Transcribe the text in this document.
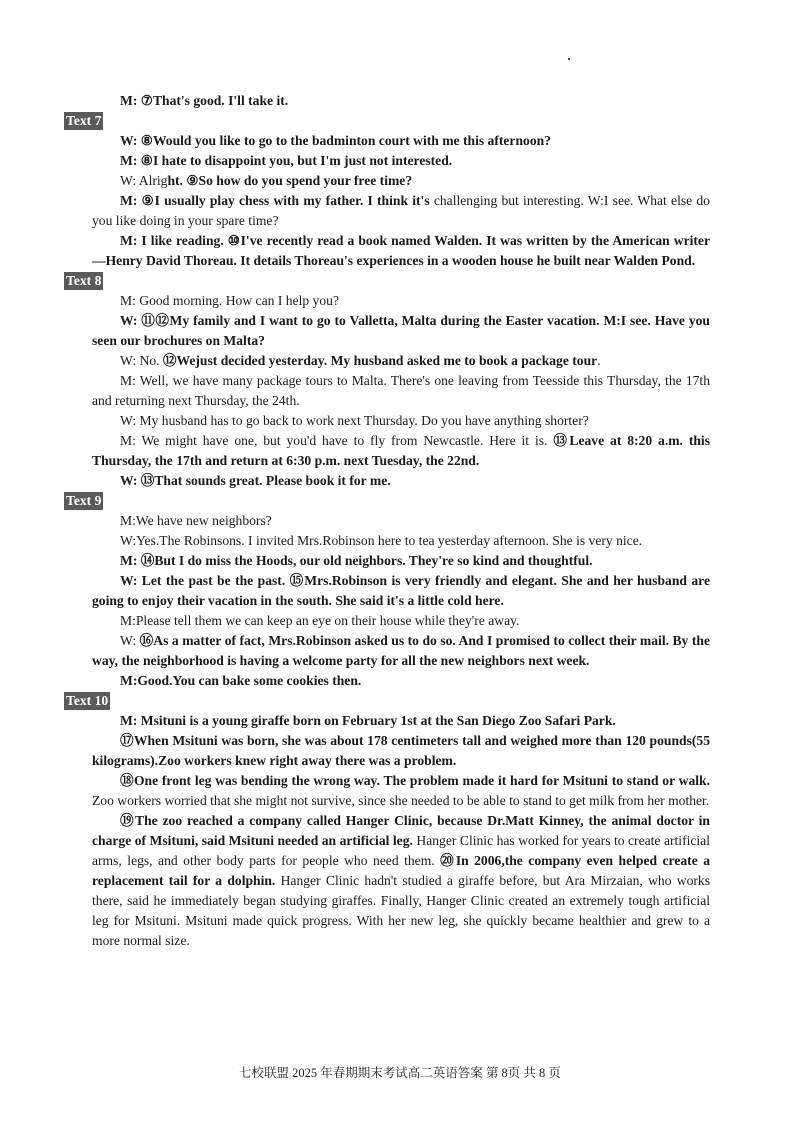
M: ⑦That's good. I'll take it.

Text 7

W: ⑧Would you like to go to the badminton court with me this afternoon?

M: ⑧I hate to disappoint you, but I'm just not interested.

W: Alright. ⑨So how do you spend your free time?

M: ⑨I usually play chess with my father. I think it's challenging but interesting. W:I see. What else do you like doing in your spare time?

M: I like reading. ⑩I've recently read a book named Walden. It was written by the American writer—Henry David Thoreau. It details Thoreau's experiences in a wooden house he built near Walden Pond.

Text 8

M: Good morning. How can I help you?

W: ⑪⑫My family and I want to go to Valletta, Malta during the Easter vacation. M:I see. Have you seen our brochures on Malta?

W: No. ⑫Wejust decided yesterday. My husband asked me to book a package tour.

M: Well, we have many package tours to Malta. There's one leaving from Teesside this Thursday, the 17th and returning next Thursday, the 24th.

W: My husband has to go back to work next Thursday. Do you have anything shorter?

M: We might have one, but you'd have to fly from Newcastle. Here it is. ⑬Leave at 8:20 a.m. this Thursday, the 17th and return at 6:30 p.m. next Tuesday, the 22nd.

W: ⑬That sounds great. Please book it for me.

Text 9

M:We have new neighbors?

W:Yes.The Robinsons. I invited Mrs.Robinson here to tea yesterday afternoon. She is very nice.

M: ⑭But I do miss the Hoods, our old neighbors. They're so kind and thoughtful.

W: Let the past be the past. ⑮Mrs.Robinson is very friendly and elegant. She and her husband are going to enjoy their vacation in the south. She said it's a little cold here.

M:Please tell them we can keep an eye on their house while they're away.

W: ⑯As a matter of fact, Mrs.Robinson asked us to do so. And I promised to collect their mail. By the way, the neighborhood is having a welcome party for all the new neighbors next week.

M:Good.You can bake some cookies then.

Text 10

M: Msituni is a young giraffe born on February 1st at the San Diego Zoo Safari Park.

⑰When Msituni was born, she was about 178 centimeters tall and weighed more than 120 pounds(55 kilograms).Zoo workers knew right away there was a problem.

⑱One front leg was bending the wrong way. The problem made it hard for Msituni to stand or walk. Zoo workers worried that she might not survive, since she needed to be able to stand to get milk from her mother.

⑲The zoo reached a company called Hanger Clinic, because Dr.Matt Kinney, the animal doctor in charge of Msituni, said Msituni needed an artificial leg. Hanger Clinic has worked for years to create artificial arms, legs, and other body parts for people who need them. ⑳In 2006,the company even helped create a replacement tail for a dolphin. Hanger Clinic hadn't studied a giraffe before, but Ara Mirzaian, who works there, said he immediately began studying giraffes. Finally, Hanger Clinic created an extremely tough artificial leg for Msituni. Msituni made quick progress. With her new leg, she quickly became healthier and grew to a more normal size.

七校联盟 2025 年春期期末考试高二英语答案 第 8页 共 8 页
